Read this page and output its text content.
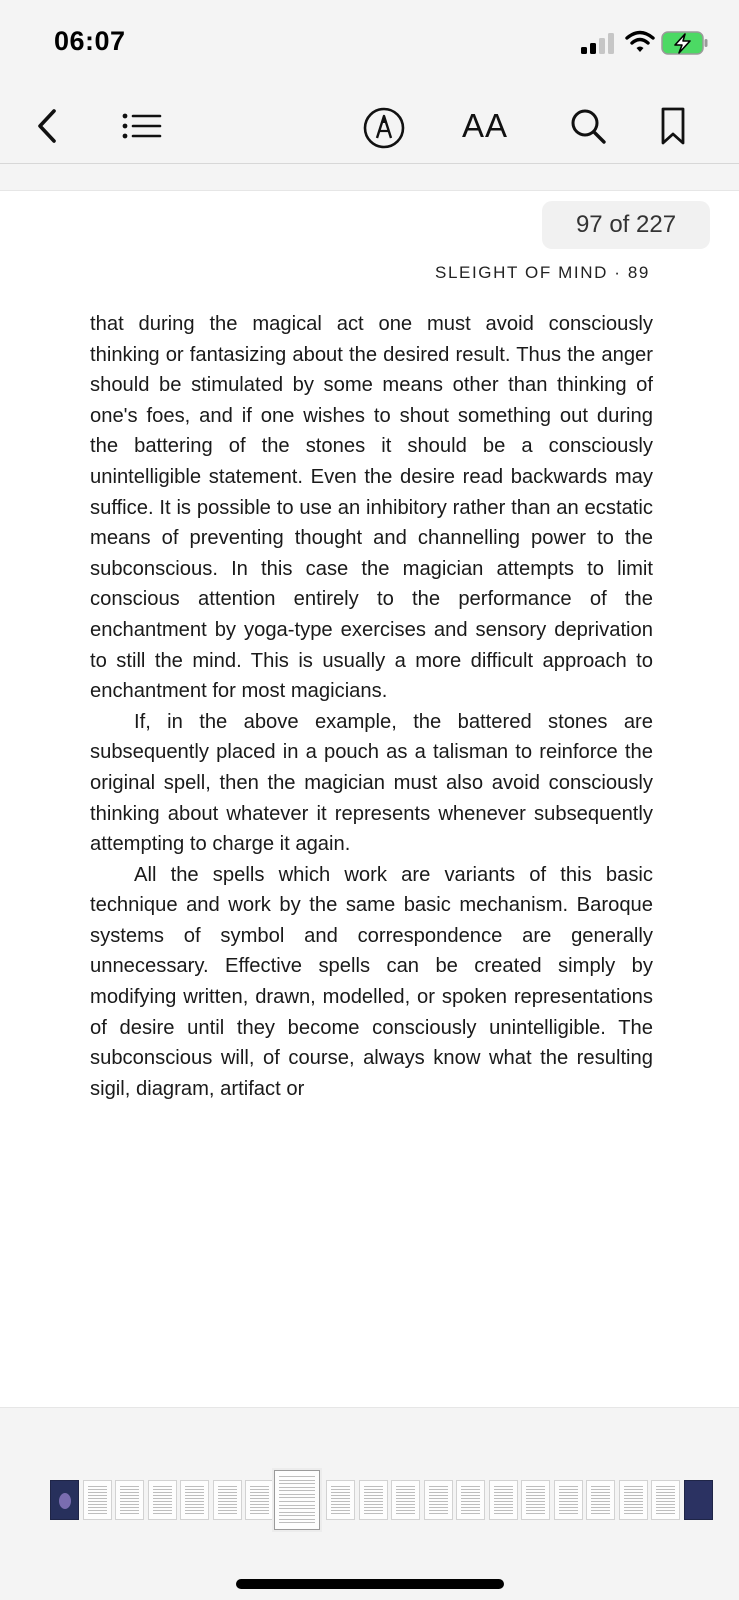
06:07
AA
97 of 227
SLEIGHT OF MIND · 89

that during the magical act one must avoid consciously thinking or fantasizing about the desired result. Thus the anger should be stimulated by some means other than thinking of one's foes, and if one wishes to shout something out during the battering of the stones it should be a consciously unintelligible statement. Even the desire read backwards may suffice. It is possible to use an inhibitory rather than an ecstatic means of preventing thought and channelling power to the subconscious. In this case the magician attempts to limit conscious attention entirely to the performance of the enchantment by yoga-type exercises and sensory deprivation to still the mind. This is usually a more difficult approach to enchantment for most magicians.

If, in the above example, the battered stones are subsequently placed in a pouch as a talisman to reinforce the original spell, then the magician must also avoid consciously thinking about whatever it represents whenever subsequently attempting to charge it again.

All the spells which work are variants of this basic technique and work by the same basic mechanism. Baroque systems of symbol and correspondence are generally unnecessary. Effective spells can be created simply by modifying written, drawn, modelled, or spoken representations of desire until they become consciously unintelligible. The subconscious will, of course, always know what the resulting sigil, diagram, artifact or
